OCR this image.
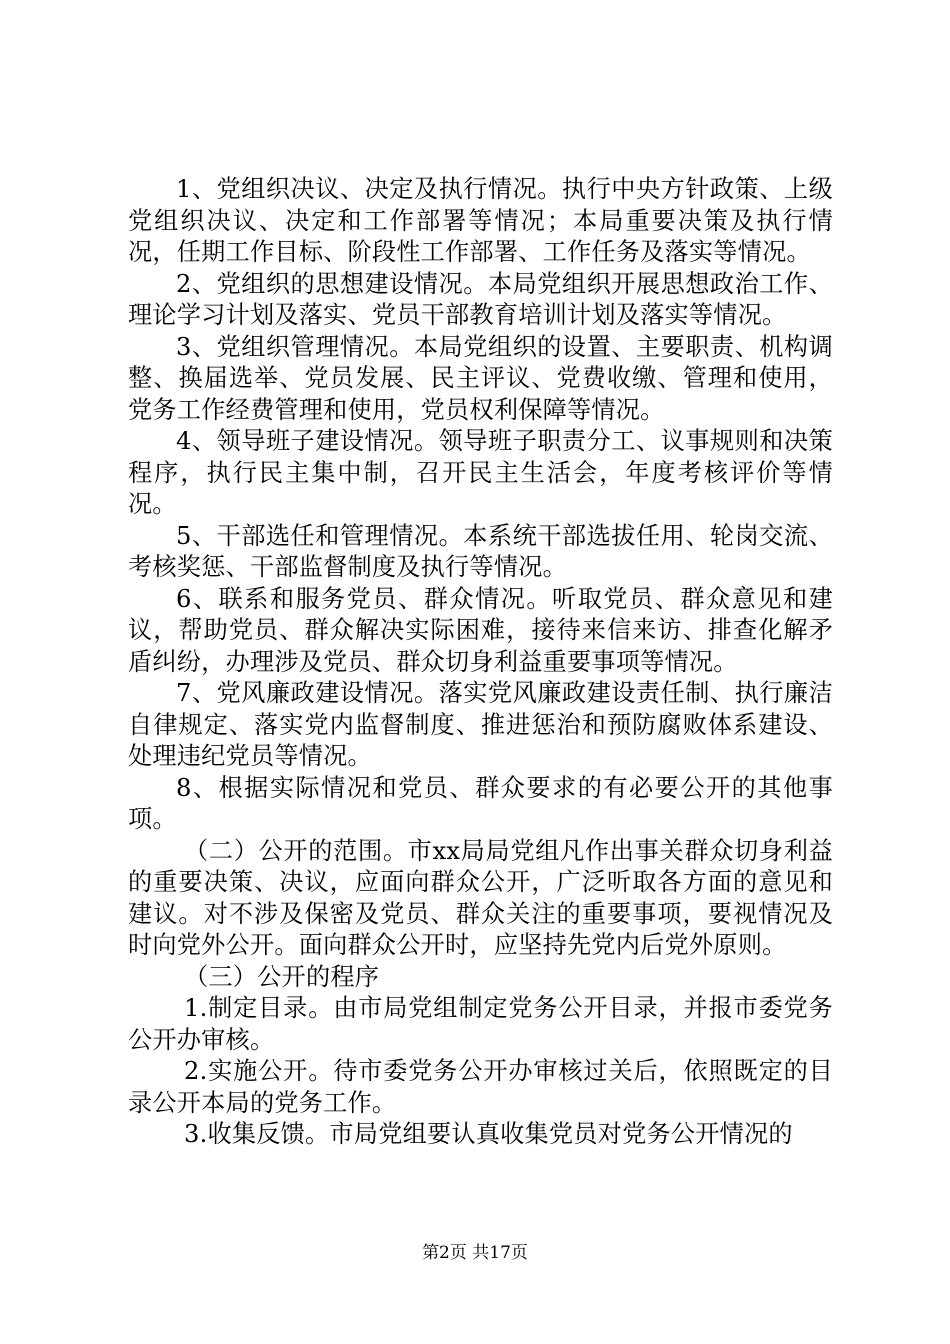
1、党组织决议、决定及执行情况。执行中央方针政策、上级党组织决议、决定和工作部署等情况；本局重要决策及执行情况，任期工作目标、阶段性工作部署、工作任务及落实等情况。

2、党组织的思想建设情况。本局党组织开展思想政治工作、理论学习计划及落实、党员干部教育培训计划及落实等情况。

3、党组织管理情况。本局党组织的设置、主要职责、机构调整、换届选举、党员发展、民主评议、党费收缴、管理和使用，党务工作经费管理和使用，党员权利保障等情况。

4、领导班子建设情况。领导班子职责分工、议事规则和决策程序，执行民主集中制，召开民主生活会，年度考核评价等情况。

5、干部选任和管理情况。本系统干部选拔任用、轮岗交流、考核奖惩、干部监督制度及执行等情况。

6、联系和服务党员、群众情况。听取党员、群众意见和建议，帮助党员、群众解决实际困难，接待来信来访、排查化解矛盾纠纷，办理涉及党员、群众切身利益重要事项等情况。

7、党风廉政建设情况。落实党风廉政建设责任制、执行廉洁自律规定、落实党内监督制度、推进惩治和预防腐败体系建设、处理违纪党员等情况。

8、根据实际情况和党员、群众要求的有必要公开的其他事项。

（二）公开的范围。市xx局局党组凡作出事关群众切身利益的重要决策、决议，应面向群众公开，广泛听取各方面的意见和建议。对不涉及保密及党员、群众关注的重要事项，要视情况及时向党外公开。面向群众公开时，应坚持先党内后党外原则。

（三）公开的程序

1.制定目录。由市局党组制定党务公开目录，并报市委党务公开办审核。

2.实施公开。待市委党务公开办审核过关后，依照既定的目录公开本局的党务工作。

3.收集反馈。市局党组要认真收集党员对党务公开情况的

第2页 共17页
